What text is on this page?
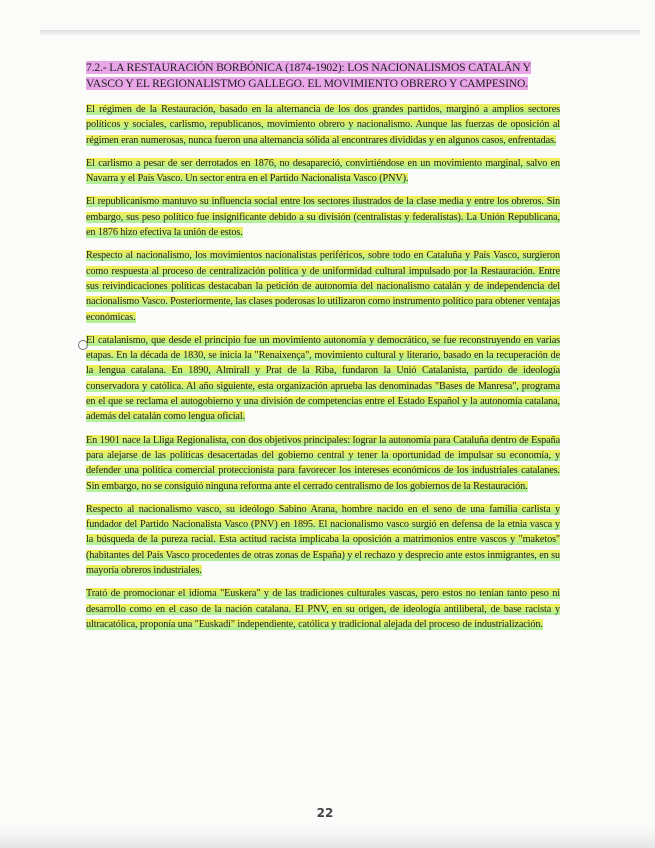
7.2.- LA RESTAURACIÓN BORBÓNICA (1874-1902): LOS NACIONALISMOS CATALÁN Y VASCO Y EL REGIONALISTMO GALLEGO. EL MOVIMIENTO OBRERO Y CAMPESINO.

El régimen de la Restauración, basado en la alternancia de los dos grandes partidos, marginó a amplios sectores políticos y sociales, carlismo, republicanos, movimiento obrero y nacionalismo. Aunque las fuerzas de oposición al régimen eran numerosas, nunca fueron una alternancia sólida al encontrares divididas y en algunos casos, enfrentadas.

El carlismo a pesar de ser derrotados en 1876, no desapareció, convirtiéndose en un movimiento marginal, salvo en Navarra y el País Vasco. Un sector entra en el Partido Nacionalista Vasco (PNV).

El republicanismo mantuvo su influencia social entre los sectores ilustrados de la clase media y entre los obreros. Sin embargo, sus peso político fue insignificante debido a su división (centralistas y federalistas). La Unión Republicana, en 1876 hizo efectiva la unión de estos.

Respecto al nacionalismo, los movimientos nacionalistas periféricos, sobre todo en Cataluña y País Vasco, surgieron como respuesta al proceso de centralización política y de uniformidad cultural impulsado por la Restauración. Entre sus reivindicaciones políticas destacaban la petición de autonomía del nacionalismo catalán y de independencia del nacionalismo Vasco. Posteriormente, las clases poderosas lo utilizaron como instrumento político para obtener ventajas económicas.

El catalanismo, que desde el principio fue un movimiento autonomía y democrático, se fue reconstruyendo en varias etapas. En la década de 1830, se inicia la "Renaixença", movimiento cultural y literario, basado en la recuperación de la lengua catalana. En 1890, Almirall y Prat de la Riba, fundaron la Unió Catalanista, partido de ideología conservadora y católica. Al año siguiente, esta organización aprueba las denominadas "Bases de Manresa", programa en el que se reclama el autogobierno y una división de competencias entre el Estado Español y la autonomía catalana, además del catalán como lengua oficial.

En 1901 nace la Lliga Regionalista, con dos objetivos principales: lograr la autonomía para Cataluña dentro de España para alejarse de las políticas desacertadas del gobierno central y tener la oportunidad de impulsar su economía, y defender una política comercial proteccionista para favorecer los intereses económicos de los industriales catalanes. Sin embargo, no se consiguió ninguna reforma ante el cerrado centralismo de los gobiernos de la Restauración.

Respecto al nacionalismo vasco, su ideólogo Sabino Arana, hombre nacido en el seno de una familia carlista y fundador del Partido Nacionalista Vasco (PNV) en 1895. El nacionalismo vasco surgió en defensa de la etnia vasca y la búsqueda de la pureza racial. Esta actitud racista implicaba la oposición a matrimonios entre vascos y "maketos" (habitantes del País Vasco procedentes de otras zonas de España) y el rechazo y desprecio ante estos inmigrantes, en su mayoría obreros industriales.

Trató de promocionar el idioma "Euskera" y de las tradiciones culturales vascas, pero estos no tenían tanto peso ni desarrollo como en el caso de la nación catalana. El PNV, en su origen, de ideología antiliberal, de base racista y ultracatólica, proponía una "Euskadi" independiente, católica y tradicional alejada del proceso de industrialización.

22
